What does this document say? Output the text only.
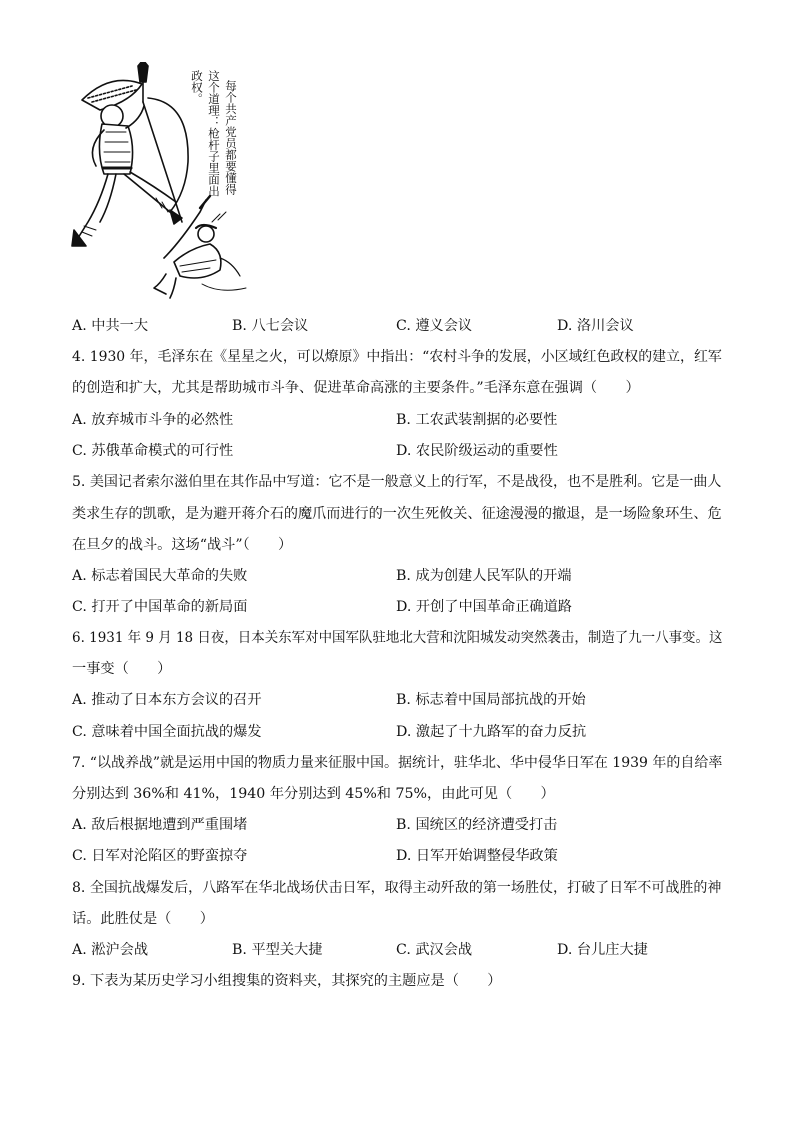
每个共产党员都要懂得
这个道理：枪杆子里面出
政权。
A. 中共一大	B. 八七会议	C. 遵义会议	D. 洛川会议
4. 1930 年，毛泽东在《星星之火，可以燎原》中指出：“农村斗争的发展，小区域红色政权的建立，红军
的创造和扩大，尤其是帮助城市斗争、促进革命高涨的主要条件。”毛泽东意在强调（　　）
A. 放弃城市斗争的必然性	B. 工农武装割据的必要性
C. 苏俄革命模式的可行性	D. 农民阶级运动的重要性
5. 美国记者索尔滋伯里在其作品中写道：它不是一般意义上的行军，不是战役，也不是胜利。它是一曲人
类求生存的凯歌，是为避开蒋介石的魔爪而进行的一次生死攸关、征途漫漫的撤退，是一场险象环生、危
在旦夕的战斗。这场“战斗”（　　）
A. 标志着国民大革命的失败	B. 成为创建人民军队的开端
C. 打开了中国革命的新局面	D. 开创了中国革命正确道路
6. 1931 年 9 月 18 日夜，日本关东军对中国军队驻地北大营和沈阳城发动突然袭击，制造了九一八事变。这
一事变（　　）
A. 推动了日本东方会议的召开	B. 标志着中国局部抗战的开始
C. 意味着中国全面抗战的爆发	D. 激起了十九路军的奋力反抗
7. “以战养战”就是运用中国的物质力量来征服中国。据统计，驻华北、华中侵华日军在 1939 年的自给率
分别达到 36%和 41%，1940 年分别达到 45%和 75%，由此可见（　　）
A. 敌后根据地遭到严重围堵	B. 国统区的经济遭受打击
C. 日军对沦陷区的野蛮掠夺	D. 日军开始调整侵华政策
8. 全国抗战爆发后，八路军在华北战场伏击日军，取得主动歼敌的第一场胜仗，打破了日军不可战胜的神
话。此胜仗是（　　）
A. 淞沪会战	B. 平型关大捷	C. 武汉会战	D. 台儿庄大捷
9. 下表为某历史学习小组搜集的资料夹，其探究的主题应是（　　）
